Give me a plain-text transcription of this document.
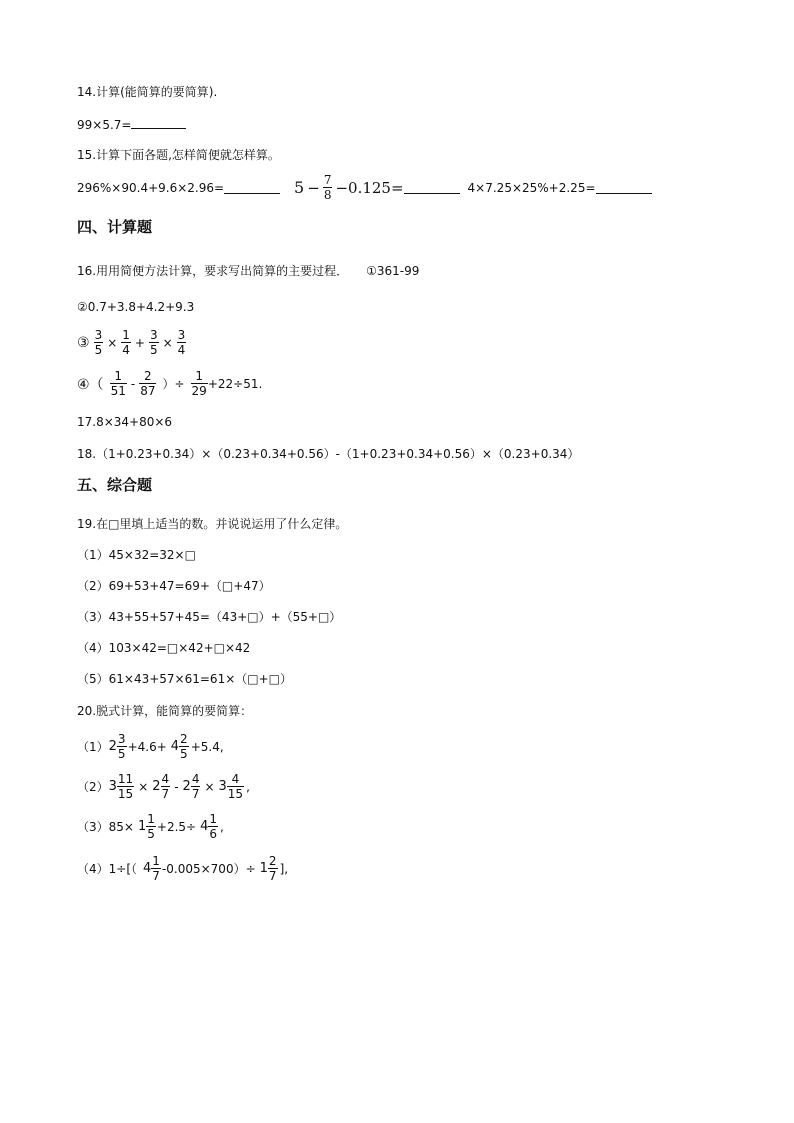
14.计算(能简算的要简算).
99×5.7=
15.计算下面各题,怎样简便就怎样算。
296%×90.4+9.6×2.96=	$5 - \frac{7}{8} -0.125=$	4×7.25×25%+2.25=
四、计算题
16.用用简便方法计算，要求写出简算的主要过程． ①361-99
②0.7+3.8+4.2+9.3
③ $\frac{3}{5} \times \frac{1}{4} + \frac{3}{5} \times \frac{3}{4}$
④（ $\frac{1}{51} - \frac{2}{87}$ ）÷ $\frac{1}{29} +22\div 51$.
17.8×34+80×6
18.（1+0.23+0.34）×（0.23+0.34+0.56）-（1+0.23+0.34+0.56）×（0.23+0.34）
五、综合题
19.在□里填上适当的数。并说说运用了什么定律。
（1）45×32=32×□
（2）69+53+47=69+（□+47）
（3）43+55+57+45=（43+□）+（55+□）
（4）103×42=□×42+□×42
（5）61×43+57×61=61×（□+□）
20.脱式计算，能简算的要简算：
（1） $2 \frac{3}{5} +4.6+ 4 \frac{2}{5} +5.4$,
（2） $3 \frac{11}{15} \times 2 \frac{4}{7} - 2 \frac{4}{7} \times 3 \frac{4}{15}$ ,
$(3)85\times 1 \frac{1}{5} +2.5\div 4 \frac{1}{6}$ ,
（4）1÷[（ $4 \frac{1}{7} -0.005\times 700)\div 1 \frac{2}{7}$ ],
